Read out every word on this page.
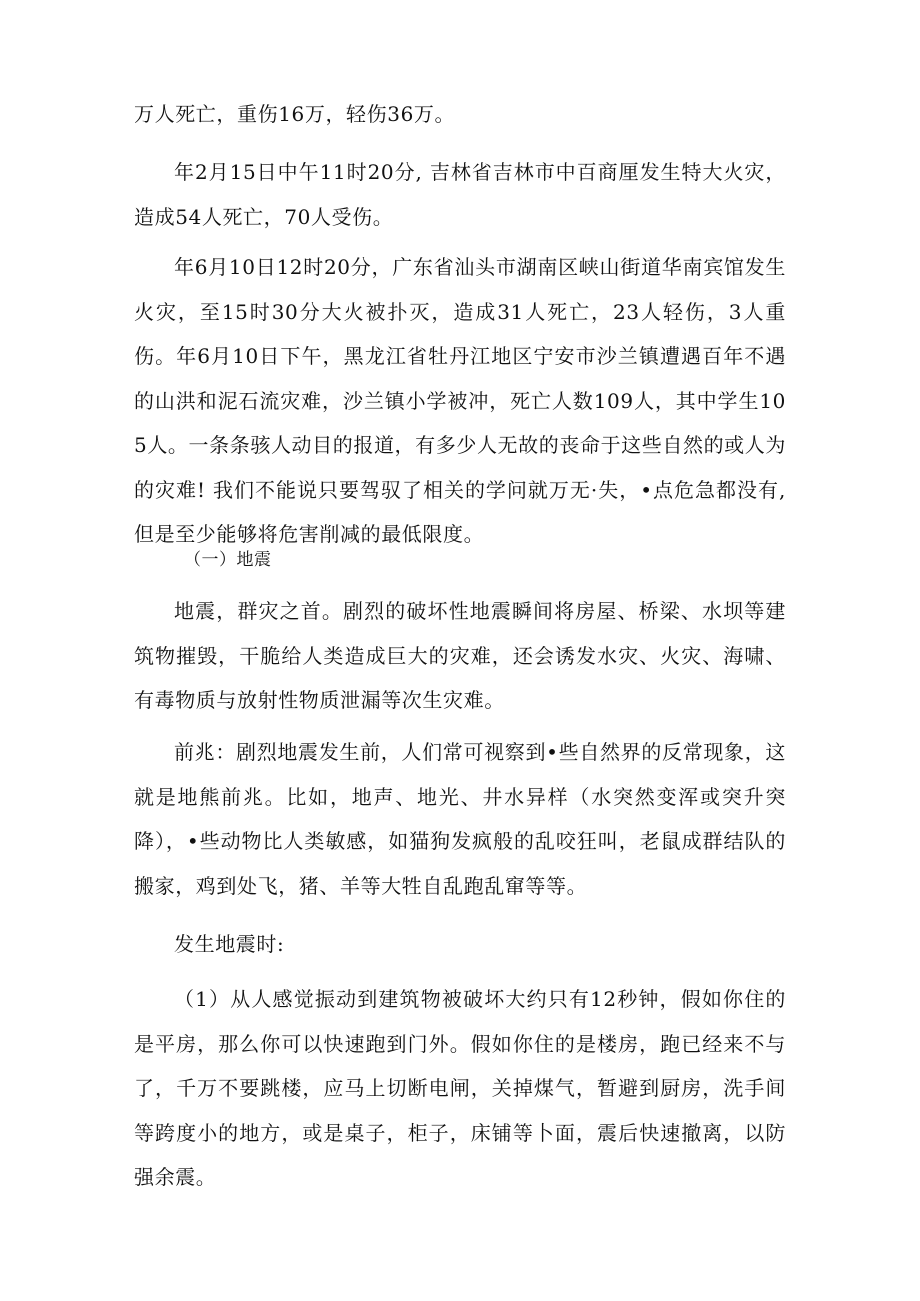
万人死亡，重伤16万，轻伤36万。

年2月15日中午11时20分, 吉林省吉林市中百商厘发生特大火灾，造成54人死亡，70人受伤。

年6月10日12时20分，广东省汕头市湖南区峡山街道华南宾馆发生火灾，至15时30分大火被扑灭，造成31人死亡，23人轻伤，3人重伤。年6月10日下午，黑龙江省牡丹江地区宁安市沙兰镇遭遇百年不遇的山洪和泥石流灾难，沙兰镇小学被冲，死亡人数109人，其中学生105人。一条条骇人动目的报道，有多少人无故的丧命于这些自然的或人为的灾难! 我们不能说只要驾驭了相关的学问就万无·失，•点危急都没有, 但是至少能够将危害削减的最低限度。

（一）地震

地震，群灾之首。剧烈的破坏性地震瞬间将房屋、桥梁、水坝等建筑物摧毁，干脆给人类造成巨大的灾难，还会诱发水灾、火灾、海啸、有毒物质与放射性物质泄漏等次生灾难。

前兆：剧烈地震发生前，人们常可视察到•些自然界的反常现象，这就是地熊前兆。比如，地声、地光、井水异样（水突然变浑或突升突降），•些动物比人类敏感，如猫狗发疯般的乱咬狂叫，老鼠成群结队的搬家，鸡到处飞，猪、羊等大牲自乱跑乱窜等等。

发生地震时:

（1）从人感觉振动到建筑物被破坏大约只有12秒钟，假如你住的是平房，那么你可以快速跑到门外。假如你住的是楼房，跑已经来不与了，千万不要跳楼，应马上切断电闸，关掉煤气，暂避到厨房，洗手间等跨度小的地方，或是桌子，柜子，床铺等卜面，震后快速撤离，以防强余震。
